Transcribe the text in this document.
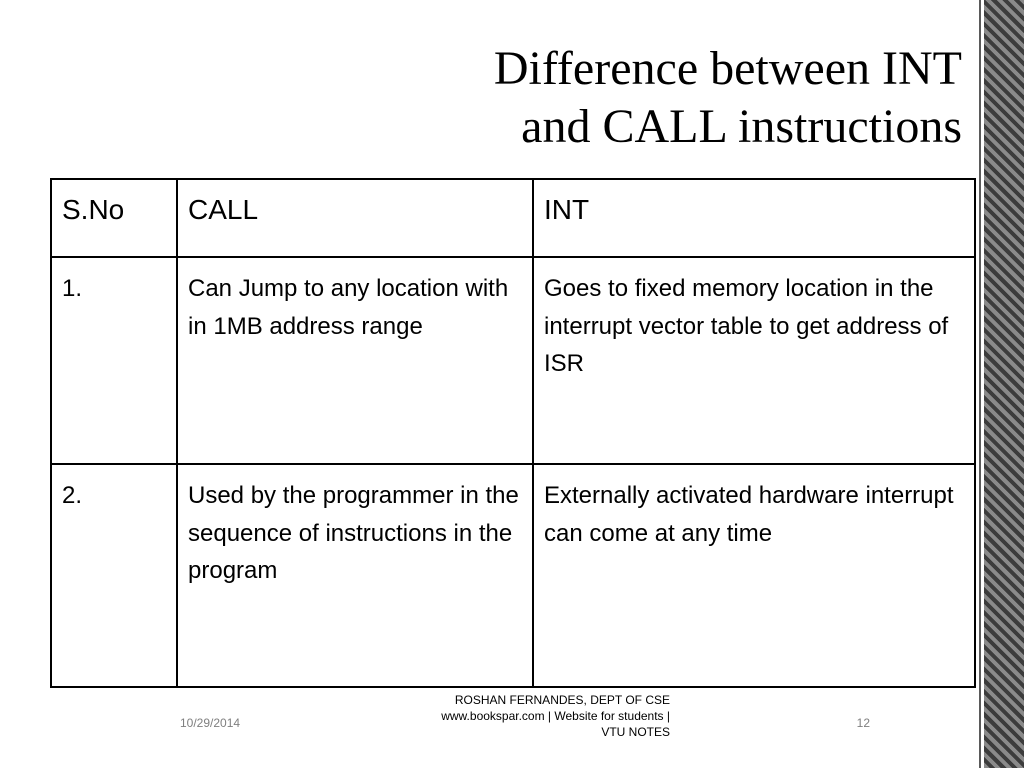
Difference between INT
and CALL instructions
S.No	CALL	INT
1.	Can Jump to any location with in 1MB address range	Goes to fixed memory location in the interrupt vector table to get address of ISR
2.	Used by the programmer in the sequence of instructions in the program	Externally activated hardware interrupt can come at any time
10/29/2014
ROSHAN FERNANDES, DEPT OF CSE
www.bookspar.com | Website for students |
VTU NOTES
12
